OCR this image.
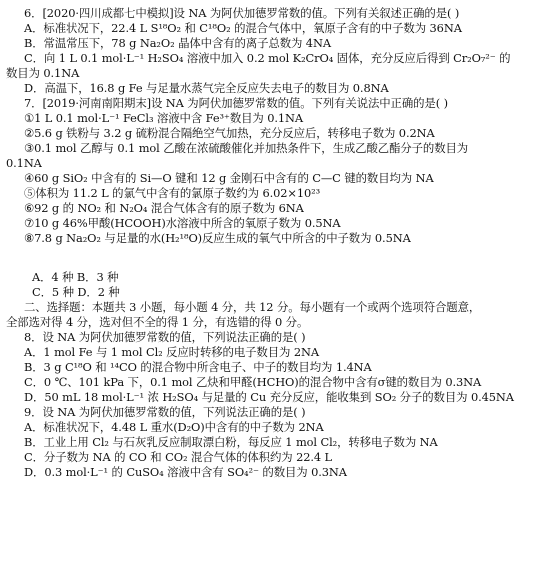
6．[2020·四川成都七中模拟]设 NA 为阿伏加德罗常数的值。下列有关叙述正确的是( )
A．标准状况下，22.4 L S¹⁸O₂ 和 C¹⁸O₂ 的混合气体中，氧原子含有的中子数为 36NA
B．常温常压下，78 g Na₂O₂ 晶体中含有的离子总数为 4NA
C．向 1 L 0.1 mol·L⁻¹ H₂SO₄ 溶液中加入 0.2 mol K₂CrO₄ 固体，充分反应后得到 Cr₂O₇²⁻ 的
数目为 0.1NA
D．高温下，16.8 g Fe 与足量水蒸气完全反应失去电子的数目为 0.8NA
7．[2019·河南南阳期末]设 NA 为阿伏加德罗常数的值。下列有关说法中正确的是( )
①1 L 0.1 mol·L⁻¹ FeCl₃ 溶液中含 Fe³⁺数目为 0.1NA
②5.6 g 铁粉与 3.2 g 硫粉混合隔绝空气加热，充分反应后，转移电子数为 0.2NA
③0.1 mol 乙醇与 0.1 mol 乙酸在浓硫酸催化并加热条件下，生成乙酸乙酯分子的数目为
0.1NA
④60 g SiO₂ 中含有的 Si—O 键和 12 g 金刚石中含有的 C—C 键的数目均为 NA
⑤体积为 11.2 L 的氯气中含有的氯原子数约为 6.02×10²³
⑥92 g 的 NO₂ 和 N₂O₄ 混合气体含有的原子数为 6NA
⑦10 g 46%甲酸(HCOOH)水溶液中所含的氧原子数为 0.5NA
⑧7.8 g Na₂O₂ 与足量的水(H₂¹⁸O)反应生成的氧气中所含的中子数为 0.5NA
A．4 种 B．3 种
C．5 种 D．2 种
二、选择题：本题共 3 小题，每小题 4 分，共 12 分。每小题有一个或两个选项符合题意，
全部选对得 4 分，选对但不全的得 1 分，有选错的得 0 分。
8．设 NA 为阿伏加德罗常数的值，下列说法正确的是( )
A．1 mol Fe 与 1 mol Cl₂ 反应时转移的电子数目为 2NA
B．3 g C¹⁸O 和 ¹⁴CO 的混合物中所含电子、中子的数目均为 1.4NA
C．0 ℃、101 kPa 下，0.1 mol 乙炔和甲醛(HCHO)的混合物中含有σ键的数目为 0.3NA
D．50 mL 18 mol·L⁻¹ 浓 H₂SO₄ 与足量的 Cu 充分反应，能收集到 SO₂ 分子的数目为 0.45NA
9．设 NA 为阿伏加德罗常数的值，下列说法正确的是( )
A．标准状况下，4.48 L 重水(D₂O)中含有的中子数为 2NA
B．工业上用 Cl₂ 与石灰乳反应制取漂白粉，每反应 1 mol Cl₂，转移电子数为 NA
C．分子数为 NA 的 CO 和 CO₂ 混合气体的体积约为 22.4 L
D．0.3 mol·L⁻¹ 的 CuSO₄ 溶液中含有 SO₄²⁻ 的数目为 0.3NA
